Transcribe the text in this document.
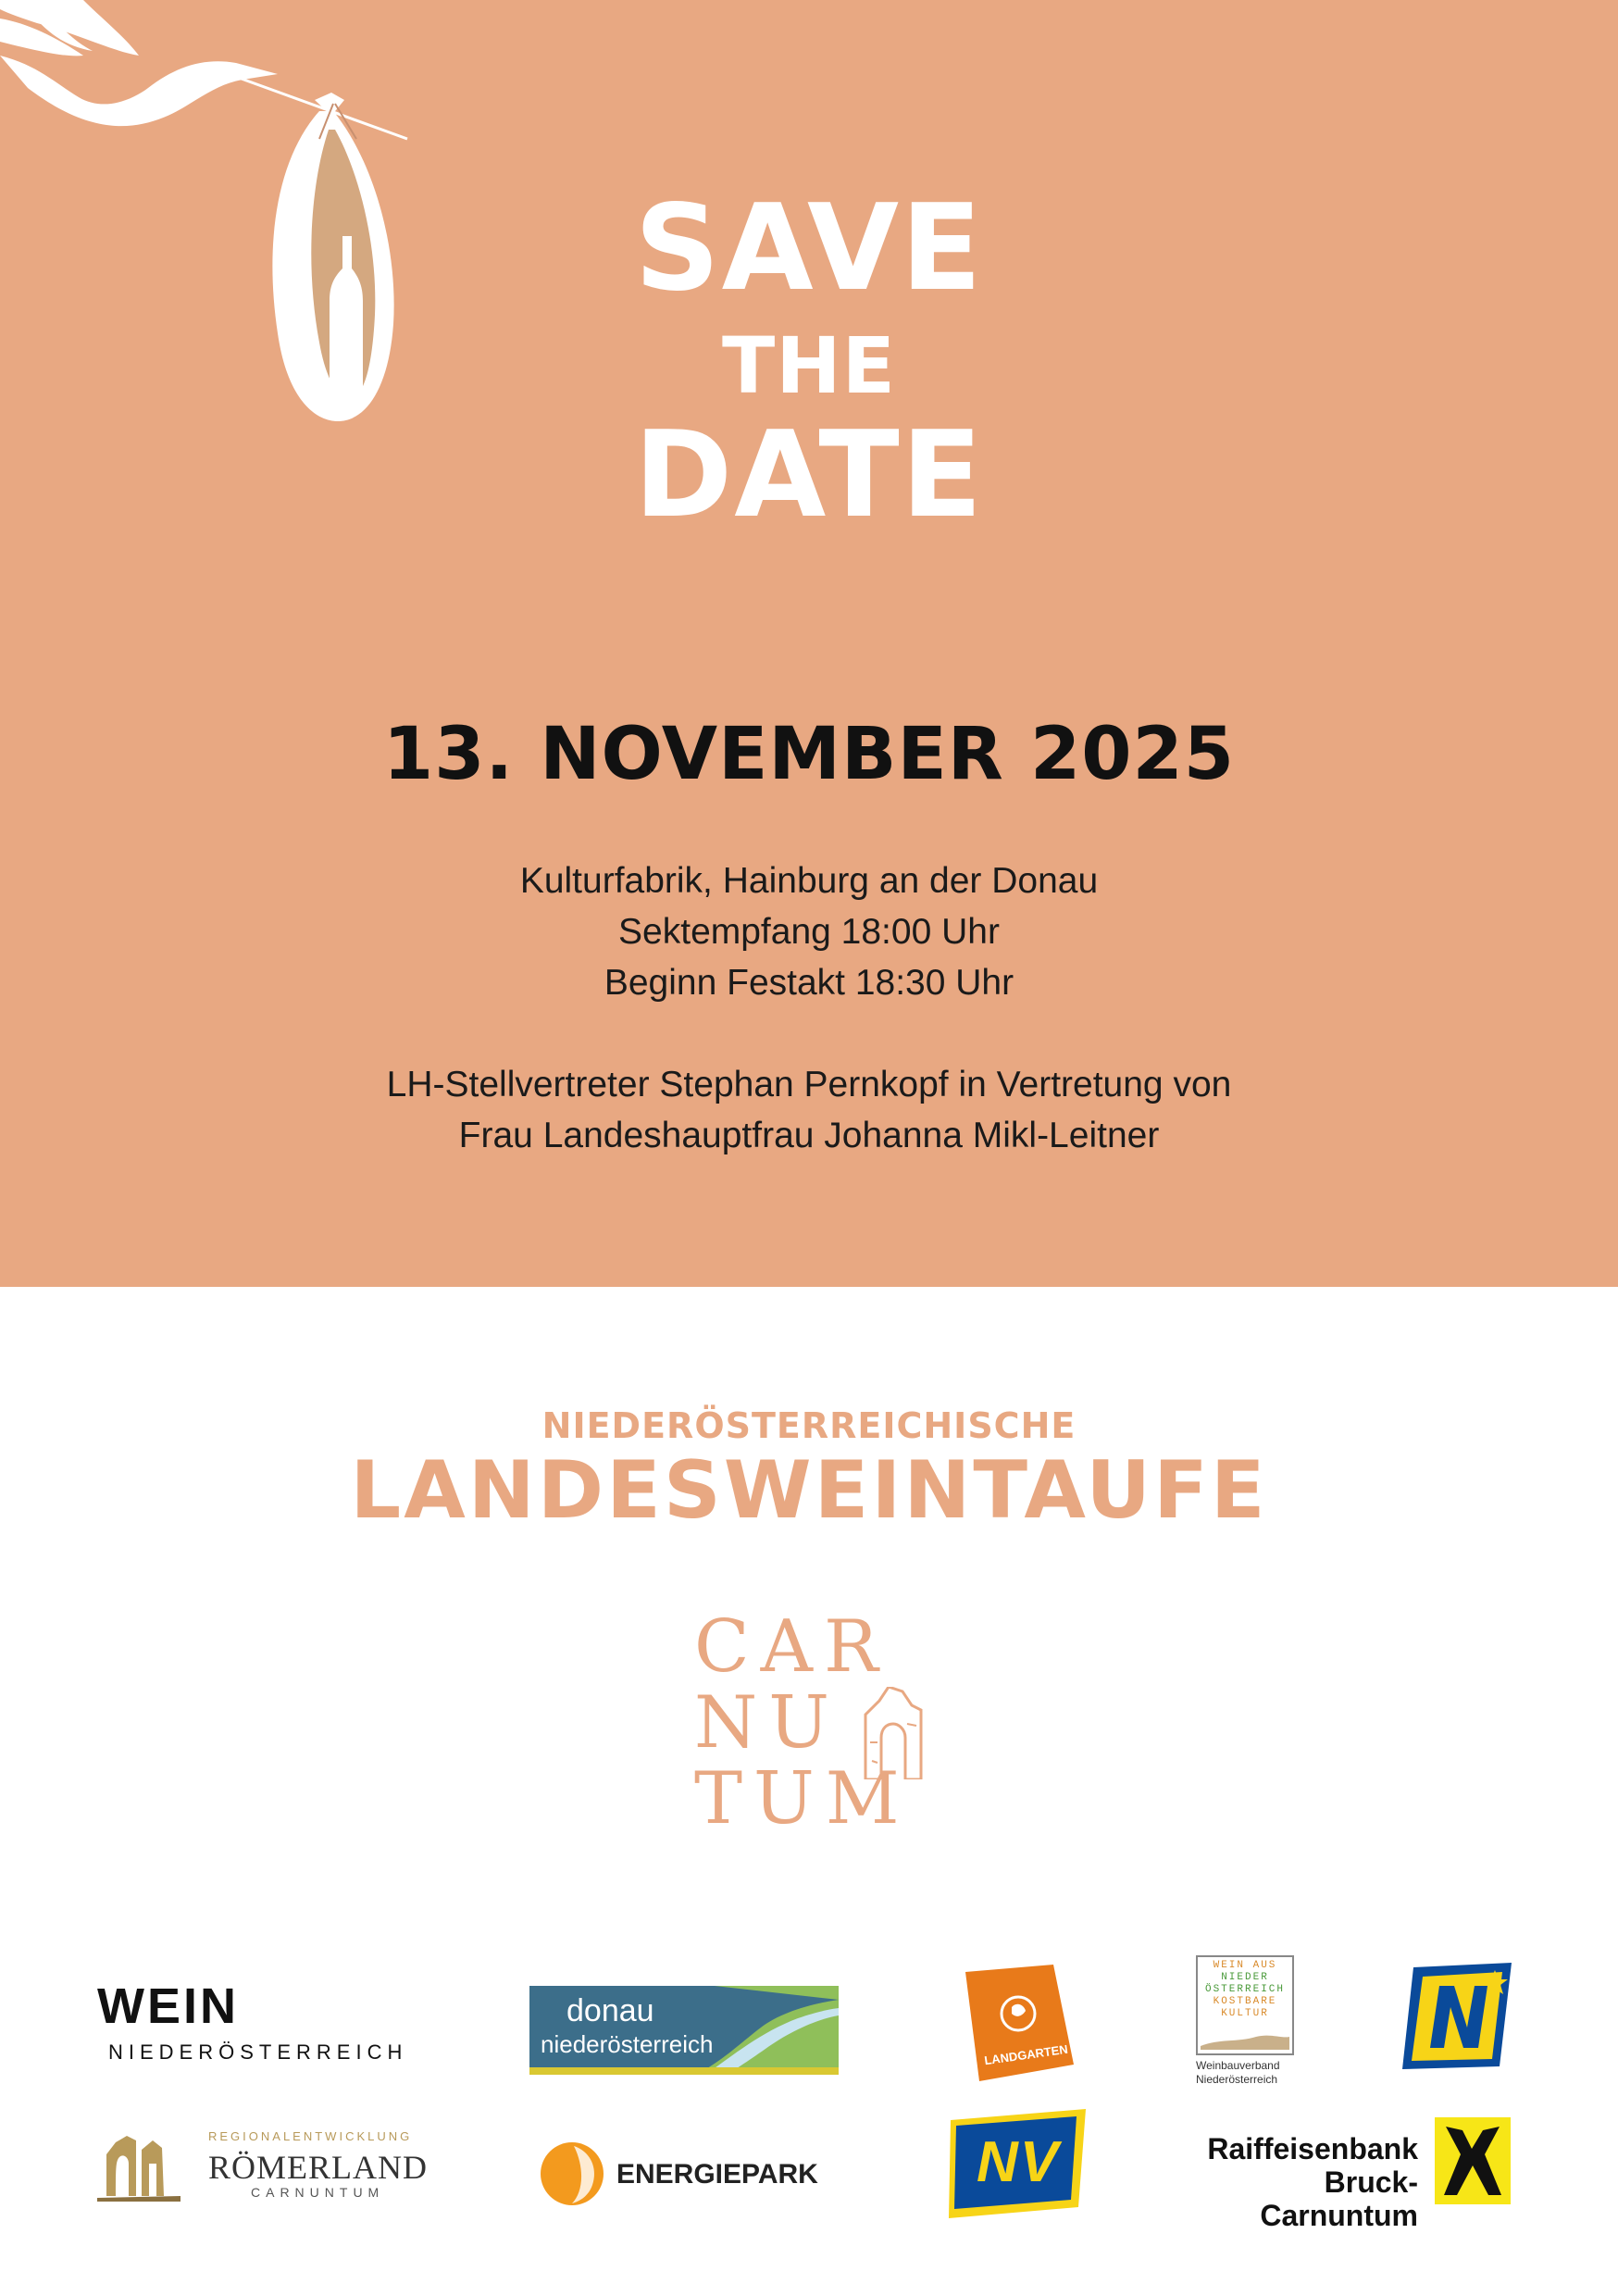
SAVE
THE
DATE
13. NOVEMBER 2025
Kulturfabrik, Hainburg an der Donau
Sektempfang 18:00 Uhr
Beginn Festakt 18:30 Uhr
LH-Stellvertreter Stephan Pernkopf in Vertretung von
Frau Landeshauptfrau Johanna Mikl-Leitner
NIEDERÖSTERREICHISCHE
LANDESWEINTAUFE
CAR
NU
TUM
WEIN
NIEDERÖSTERREICH
donau
niederösterreich	LANDGARTEN
WEIN AUS
NIEDER
ÖSTERREICH
KOSTBARE
KULTUR
Weinbauverband
Niederösterreich
REGIONALENTWICKLUNG
RÖMERLAND
CARNUNTUM
ENERGIEPARK	NV	Raiffeisenbank
Bruck-Carnuntum
